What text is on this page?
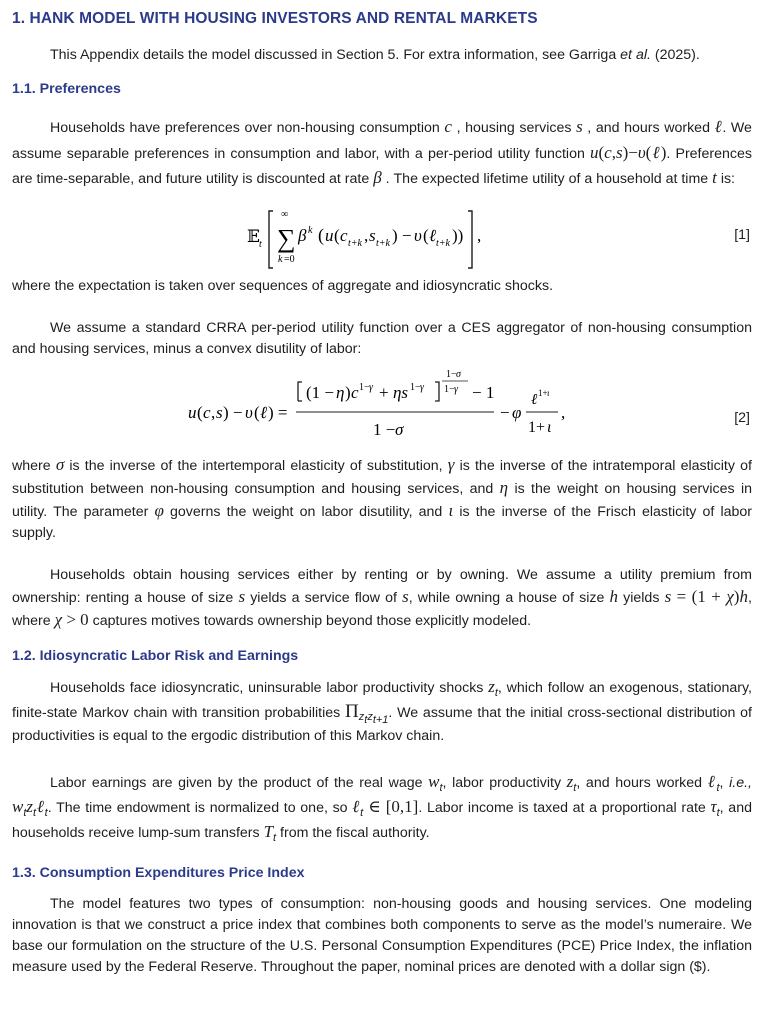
1. HANK MODEL WITH HOUSING INVESTORS AND RENTAL MARKETS

This Appendix details the model discussed in Section 5. For extra information, see Garriga et al. (2025).

1.1. Preferences

Households have preferences over non-housing consumption c , housing services s , and hours worked ℓ. We assume separable preferences in consumption and labor, with a per-period utility function u(c,s)−υ(ℓ). Preferences are time-separable, and future utility is discounted at rate β . The expected lifetime utility of a household at time t is:

𝔼 t
∞
∑
k =0
β k ( u ( c t+k , s t+k ) − υ ( ℓ t+k )) ,	[1]

where the expectation is taken over sequences of aggregate and idiosyncratic shocks.

We assume a standard CRRA per-period utility function over a CES aggregator of non-housing consumption and housing services, minus a convex disutility of labor:

u ( c , s ) − υ ( ℓ ) =
(1 − η ) c 1− γ + ηs 1− γ
1− σ
1− γ − 1
1 − σ
− φ
ℓ 1+ ι
1+ ι
,	[2]

where σ is the inverse of the intertemporal elasticity of substitution, γ is the inverse of the intratemporal elasticity of substitution between non-housing consumption and housing services, and η is the weight on housing services in utility. The parameter φ governs the weight on labor disutility, and ι is the inverse of the Frisch elasticity of labor supply.

Households obtain housing services either by renting or by owning. We assume a utility premium from ownership: renting a house of size s yields a service flow of s, while owning a house of size h yields s = (1 + χ)h, where χ > 0 captures motives towards ownership beyond those explicitly modeled.

1.2. Idiosyncratic Labor Risk and Earnings

Households face idiosyncratic, uninsurable labor productivity shocks $z_t$, which follow an exogenous, stationary, finite-state Markov chain with transition probabilities $\Pi_{z_tz_{t+1}}$. We assume that the initial cross-sectional distribution of productivities is equal to the ergodic distribution of this Markov chain.

Labor earnings are given by the product of the real wage $w_t$, labor productivity $z_t$, and hours worked ℓ$_t$, i.e., $w_tz_t\ell_t$. The time endowment is normalized to one, so ℓ$_t$ ∈ [0,1]. Labor income is taxed at a proportional rate $\tau_t$, and households receive lump-sum transfers $T_t$ from the fiscal authority.

1.3. Consumption Expenditures Price Index

The model features two types of consumption: non-housing goods and housing services. One modeling innovation is that we construct a price index that combines both components to serve as the model’s numeraire. We base our formulation on the structure of the U.S. Personal Consumption Expenditures (PCE) Price Index, the inflation measure used by the Federal Reserve. Throughout the paper, nominal prices are denoted with a dollar sign ($).
